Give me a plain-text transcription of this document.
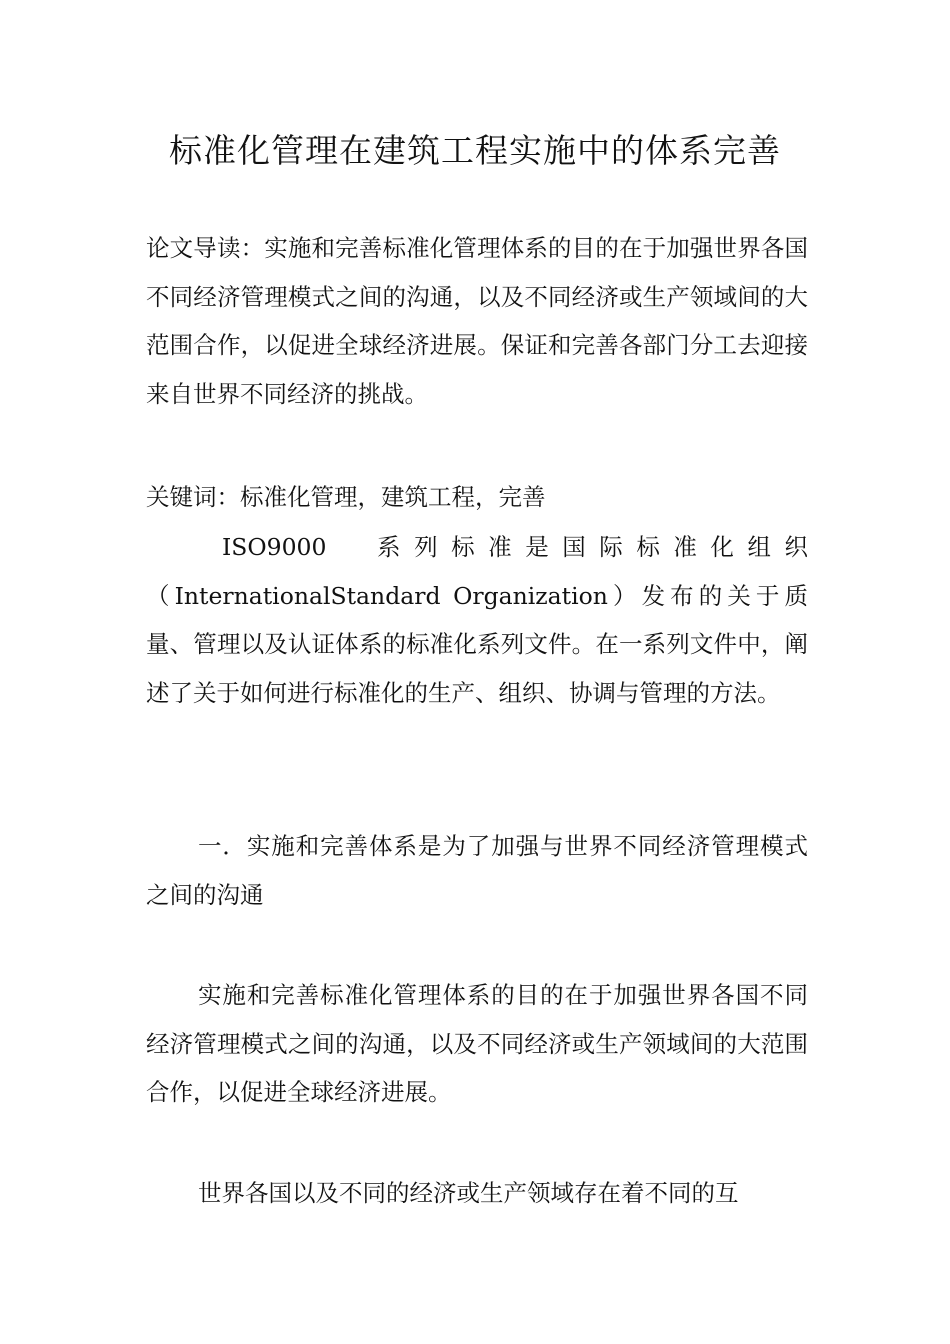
标准化管理在建筑工程实施中的体系完善

论文导读：实施和完善标准化管理体系的目的在于加强世界各国不同经济管理模式之间的沟通，以及不同经济或生产领域间的大范围合作，以促进全球经济进展。保证和完善各部门分工去迎接来自世界不同经济的挑战。

关键词：标准化管理，建筑工程，完善

ISO9000　系列标准是国际标准化组织
（InternationalStandard Organization）发布的关于质量、管理以及认证体系的标准化系列文件。在一系列文件中，阐述了关于如何进行标准化的生产、组织、协调与管理的方法。

一．实施和完善体系是为了加强与世界不同经济管理模式之间的沟通

实施和完善标准化管理体系的目的在于加强世界各国不同经济管理模式之间的沟通，以及不同经济或生产领域间的大范围合作，以促进全球经济进展。

世界各国以及不同的经济或生产领域存在着不同的互
